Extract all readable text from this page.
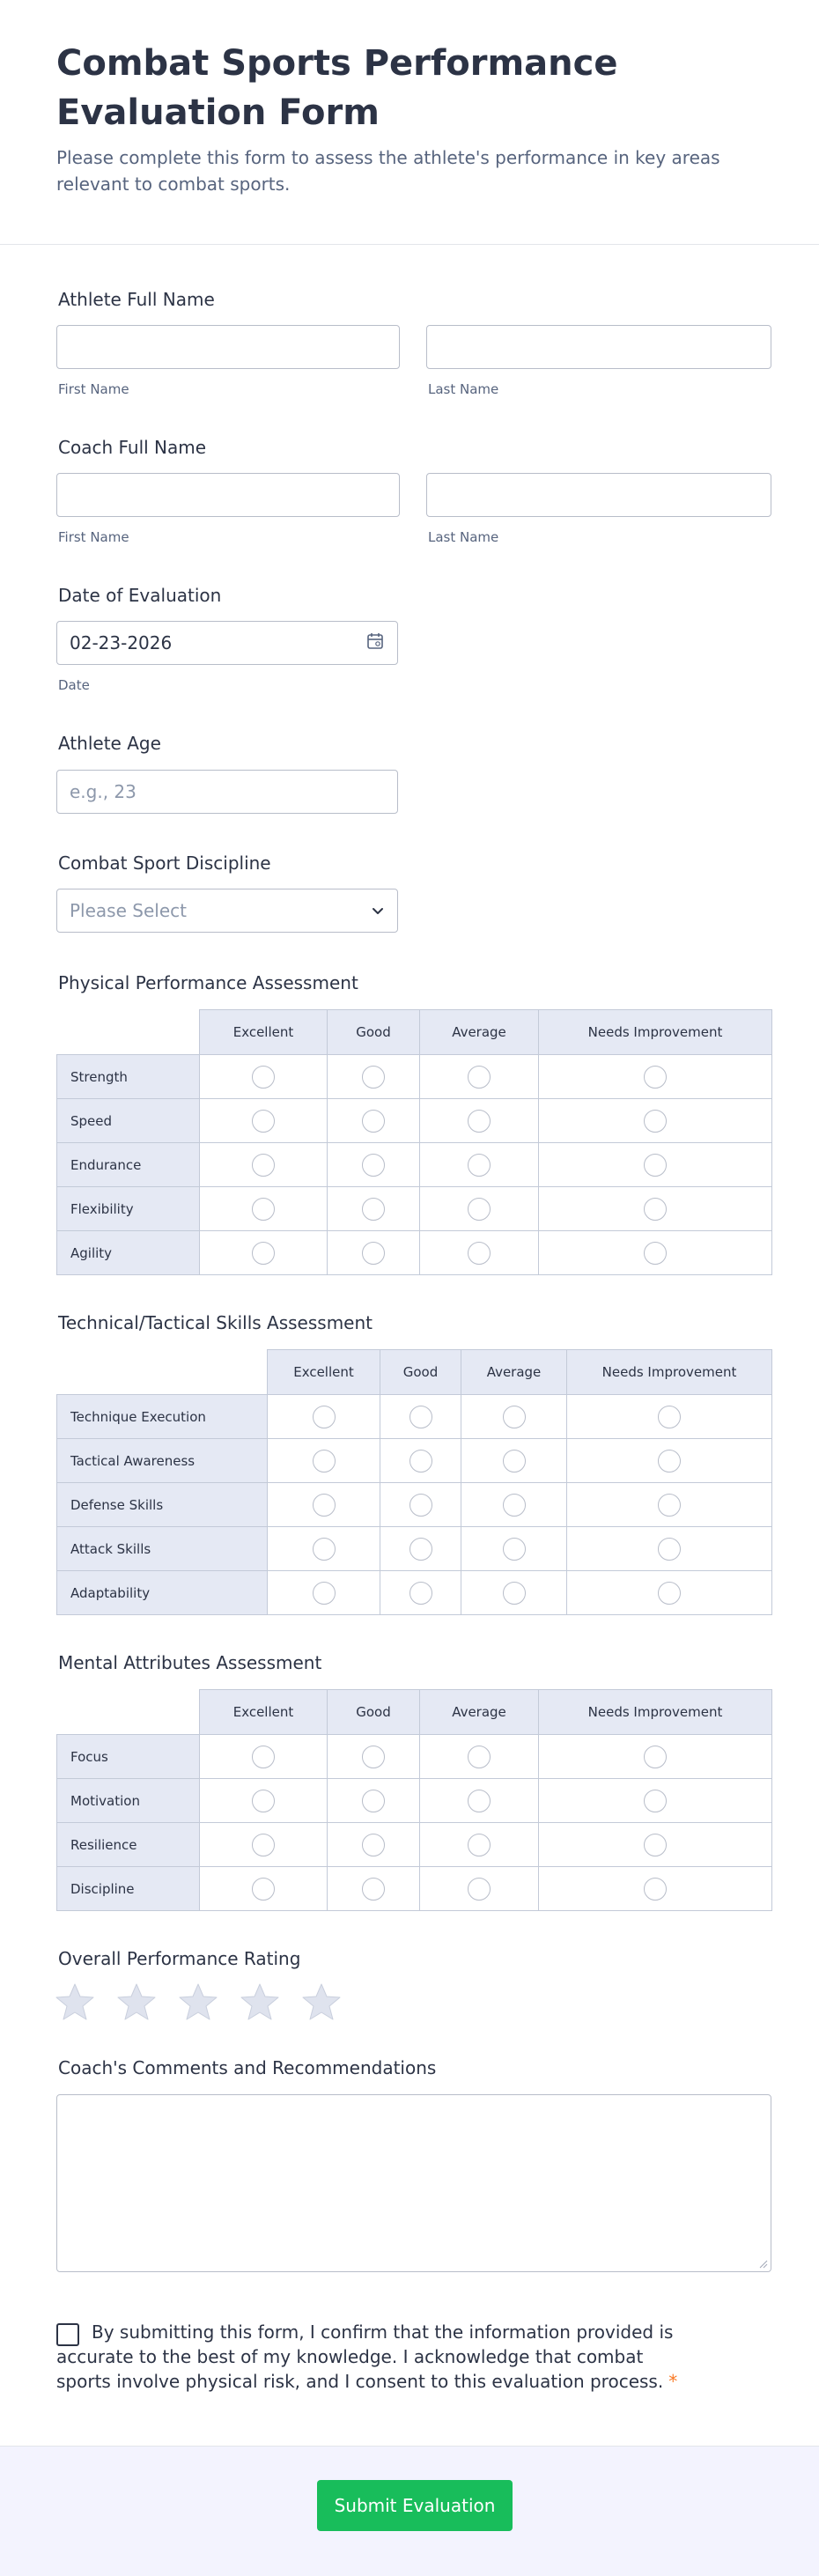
Combat Sports Performance Evaluation Form

Please complete this form to assess the athlete's performance in key areas relevant to combat sports.

Athlete Full Name
First Name	Last Name
Coach Full Name
First Name	Last Name
Date of Evaluation
02-23-2026
Date
Athlete Age
e.g., 23
Combat Sport Discipline
Please Select
Physical Performance Assessment
	Excellent	Good	Average	Needs Improvement
Strength				
Speed				
Endurance				
Flexibility				
Agility				
Technical/Tactical Skills Assessment
	Excellent	Good	Average	Needs Improvement
Technique Execution				
Tactical Awareness				
Defense Skills				
Attack Skills				
Adaptability				
Mental Attributes Assessment
	Excellent	Good	Average	Needs Improvement
Focus				
Motivation				
Resilience				
Discipline				
Overall Performance Rating
Coach's Comments and Recommendations

By submitting this form, I confirm that the information provided is accurate to the best of my knowledge. I acknowledge that combat sports involve physical risk, and I consent to this evaluation process. *

Submit Evaluation
